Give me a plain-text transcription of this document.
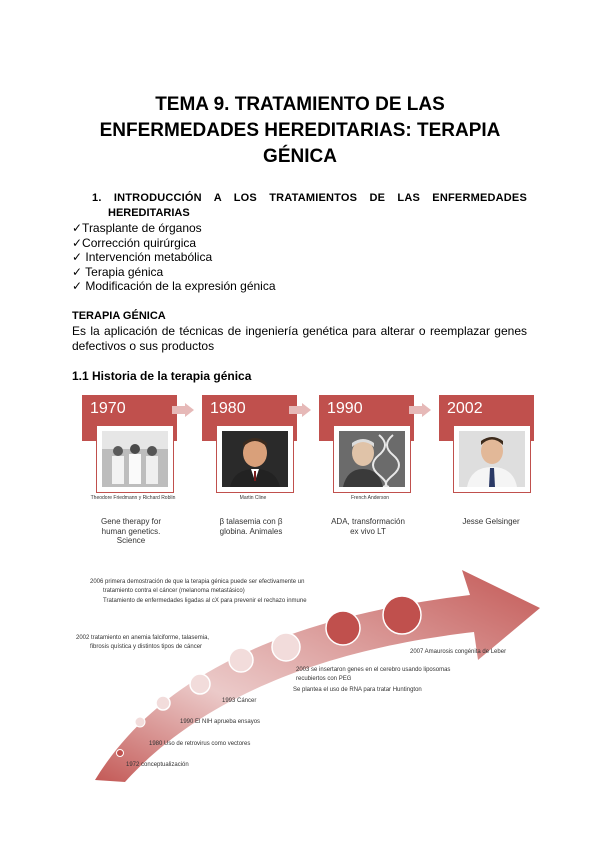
TEMA 9. TRATAMIENTO DE LAS
ENFERMEDADES HEREDITARIAS: TERAPIA
GÉNICA
1. INTRODUCCIÓN A LOS TRATAMIENTOS DE LAS ENFERMEDADES
HEREDITARIAS
✓Trasplante de órganos
✓Corrección quirúrgica
✓ Intervención metabólica
✓ Terapia génica
✓ Modificación de la expresión génica
TERAPIA GÉNICA
Es la aplicación de técnicas de ingeniería genética para alterar o reemplazar genes defectivos o sus productos
1.1 Historia de la terapia génica
1970
Theodore Friedmann y Richard Roblin
Gene therapy for human genetics. Science
1980
Martin Cline
β talasemia con β globina. Animales
1990
French Anderson
ADA, transformación ex vivo LT
2002
Jesse Gelsinger
2006 primera demostración de que la terapia génica puede ser efectivamente un
tratamiento contra el cáncer (melanoma metastásico)
Tratamiento de enfermedades ligadas al cX para prevenir el rechazo inmune
2002 tratamiento en anemia falciforme, talasemia,
fibrosis quística y distintos tipos de cáncer
2007 Amaurosis congénita de Leber
2003 se insertaron genes en el cerebro usando liposomas
recubiertos con PEG
Se plantea el uso de RNA para tratar Huntington
1993 Cáncer
1990 El NIH aprueba ensayos
1980 Uso de retrovirus como vectores
1972 conceptualización
